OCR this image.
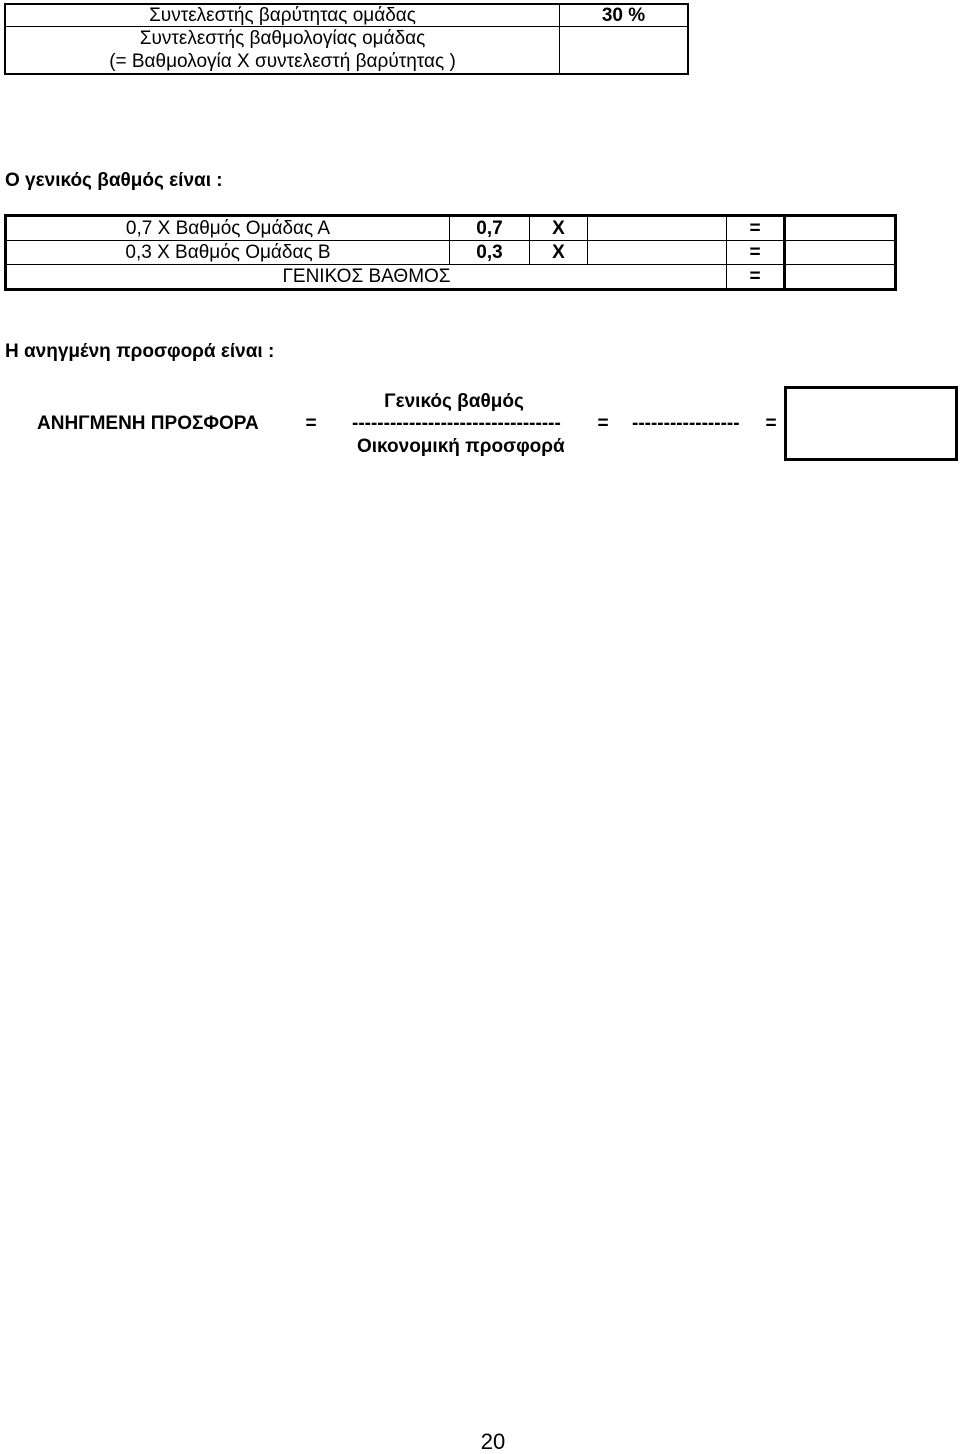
Συντελεστής βαρύτητας ομάδας	30 %
Συντελεστής βαθμολογίας ομάδας
(= Βαθμολογία Χ συντελεστή βαρύτητας )
Ο γενικός βαθμός είναι :
0,7 Χ Βαθμός Ομάδας Α	0,7	Χ	=
0,3 Χ Βαθμός Ομάδας Β	0,3	Χ	=
ΓΕΝΙΚΟΣ ΒΑΘΜΟΣ	=
Η ανηγμένη προσφορά είναι :
Γενικός βαθμός
ΑΝΗΓΜΕΝΗ ΠΡΟΣΦΟΡΑ = --------------------------------- = ----------------- =
Οικονομική προσφορά
20
